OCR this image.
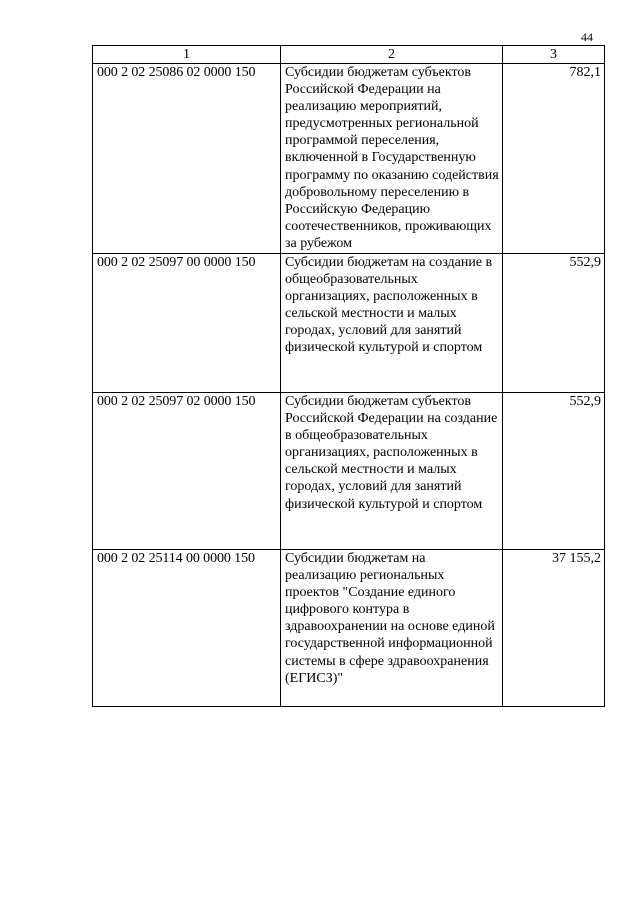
44
1	2	3
000 2 02 25086 02 0000 150	Субсидии бюджетам субъектов Российской Федерации на реализацию мероприятий, предусмотренных региональной программой переселения, включенной в Государственную программу по оказанию содействия добровольному переселению в Российскую Федерацию соотечественников, проживающих за рубежом	782,1
000 2 02 25097 00 0000 150	Субсидии бюджетам на создание в общеобразовательных организациях, расположенных в сельской местности и малых городах, условий для занятий физической культурой и спортом	552,9
000 2 02 25097 02 0000 150	Субсидии бюджетам субъектов Российской Федерации на создание в общеобразовательных организациях, расположенных в сельской местности и малых городах, условий для занятий физической культурой и спортом	552,9
000 2 02 25114 00 0000 150	Субсидии бюджетам на реализацию региональных проектов "Создание единого цифрового контура в здравоохранении на основе единой государственной информационной системы в сфере здравоохранения (ЕГИСЗ)"	37 155,2
